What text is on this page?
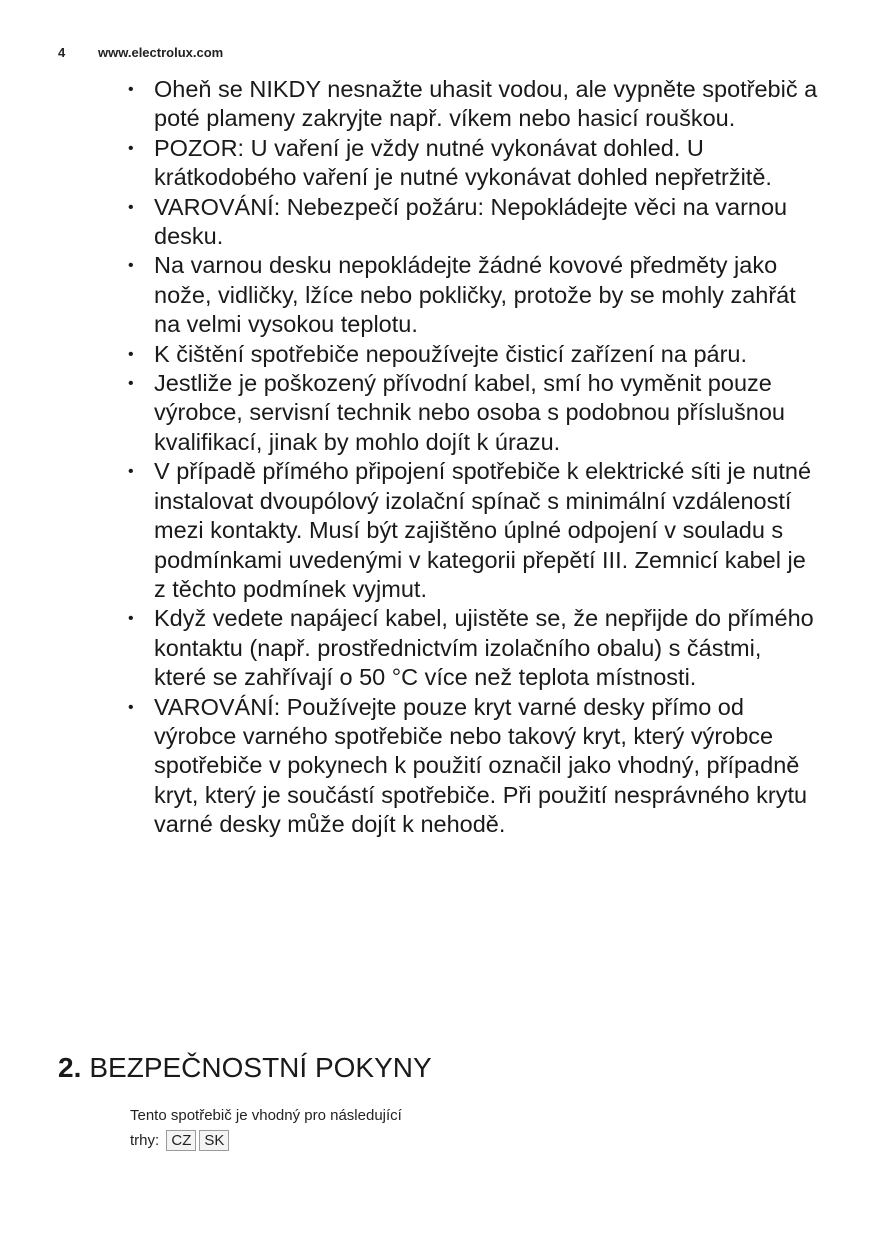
4	www.electrolux.com
• Oheň se NIKDY nesnažte uhasit vodou, ale vypněte spotřebič a poté plameny zakryjte např. víkem nebo hasicí rouškou.
• POZOR: U vaření je vždy nutné vykonávat dohled. U krátkodobého vaření je nutné vykonávat dohled nepřetržitě.
• VAROVÁNÍ: Nebezpečí požáru: Nepokládejte věci na varnou desku.
• Na varnou desku nepokládejte žádné kovové předměty jako nože, vidličky, lžíce nebo pokličky, protože by se mohly zahřát na velmi vysokou teplotu.
• K čištění spotřebiče nepoužívejte čisticí zařízení na páru.
• Jestliže je poškozený přívodní kabel, smí ho vyměnit pouze výrobce, servisní technik nebo osoba s podobnou příslušnou kvalifikací, jinak by mohlo dojít k úrazu.
• V případě přímého připojení spotřebiče k elektrické síti je nutné instalovat dvoupólový izolační spínač s minimální vzdáleností mezi kontakty. Musí být zajištěno úplné odpojení v souladu s podmínkami uvedenými v kategorii přepětí III. Zemnicí kabel je z těchto podmínek vyjmut.
• Když vedete napájecí kabel, ujistěte se, že nepřijde do přímého kontaktu (např. prostřednictvím izolačního obalu) s částmi, které se zahřívají o 50 °C více než teplota místnosti.
• VAROVÁNÍ: Používejte pouze kryt varné desky přímo od výrobce varného spotřebiče nebo takový kryt, který výrobce spotřebiče v pokynech k použití označil jako vhodný, případně kryt, který je součástí spotřebiče. Při použití nesprávného krytu varné desky může dojít k nehodě.
2. BEZPEČNOSTNÍ POKYNY
Tento spotřebič je vhodný pro následující
trhy: CZ SK
